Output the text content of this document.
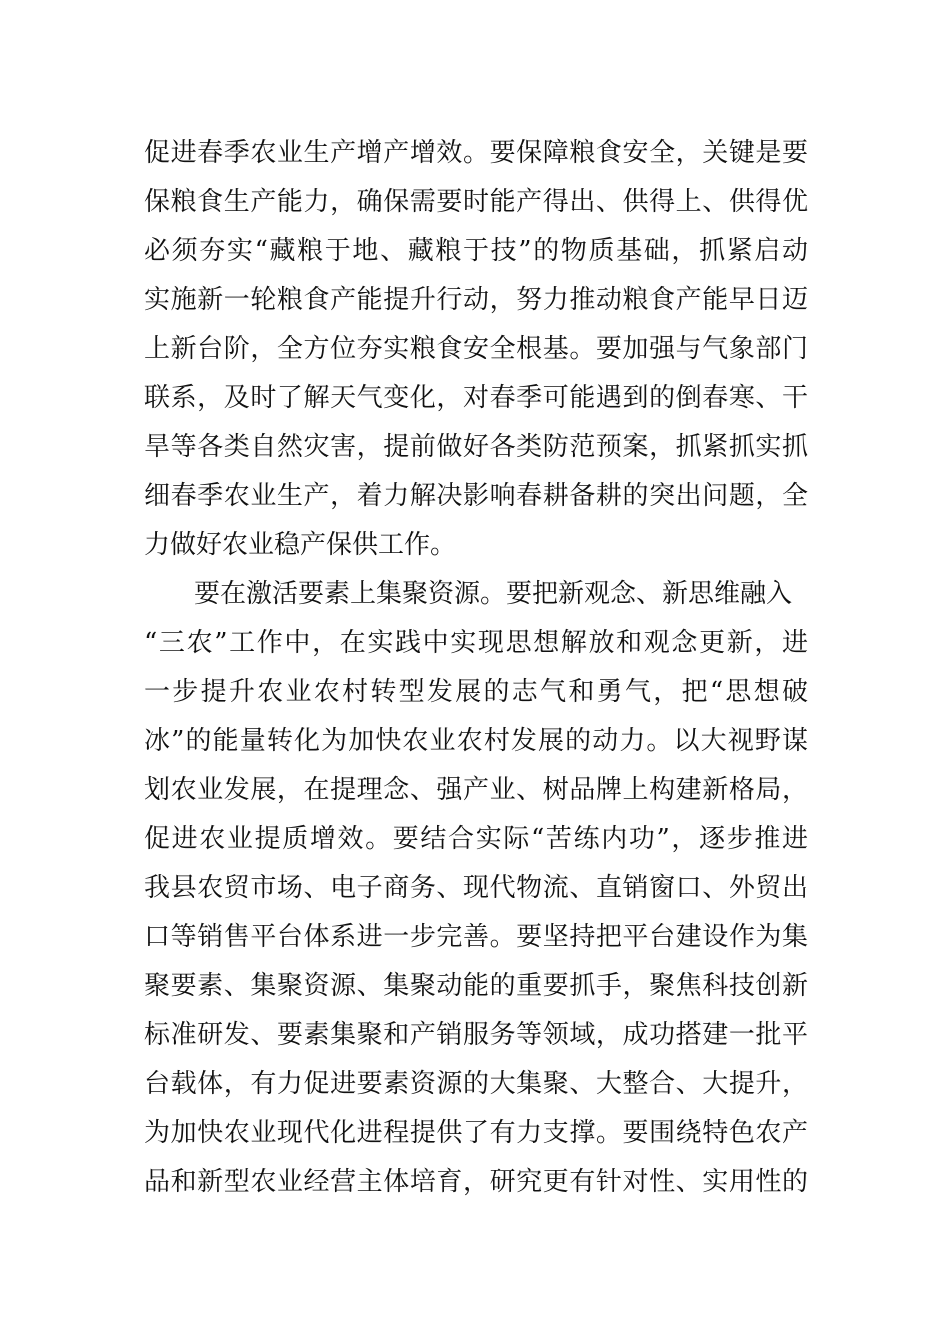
促进春季农业生产增产增效。要保障粮食安全，关键是要
保粮食生产能力，确保需要时能产得出、供得上、供得优
必须夯实“藏粮于地、藏粮于技”的物质基础，抓紧启动
实施新一轮粮食产能提升行动，努力推动粮食产能早日迈
上新台阶，全方位夯实粮食安全根基。要加强与气象部门
联系，及时了解天气变化，对春季可能遇到的倒春寒、干
旱等各类自然灾害，提前做好各类防范预案，抓紧抓实抓
细春季农业生产，着力解决影响春耕备耕的突出问题，全
力做好农业稳产保供工作。
要在激活要素上集聚资源。要把新观念、新思维融入
“三农”工作中，在实践中实现思想解放和观念更新，进
一步提升农业农村转型发展的志气和勇气，把“思想破
冰”的能量转化为加快农业农村发展的动力。以大视野谋
划农业发展，在提理念、强产业、树品牌上构建新格局，
促进农业提质增效。要结合实际“苦练内功”，逐步推进
我县农贸市场、电子商务、现代物流、直销窗口、外贸出
口等销售平台体系进一步完善。要坚持把平台建设作为集
聚要素、集聚资源、集聚动能的重要抓手，聚焦科技创新
标准研发、要素集聚和产销服务等领域，成功搭建一批平
台载体，有力促进要素资源的大集聚、大整合、大提升，
为加快农业现代化进程提供了有力支撑。要围绕特色农产
品和新型农业经营主体培育，研究更有针对性、实用性的
